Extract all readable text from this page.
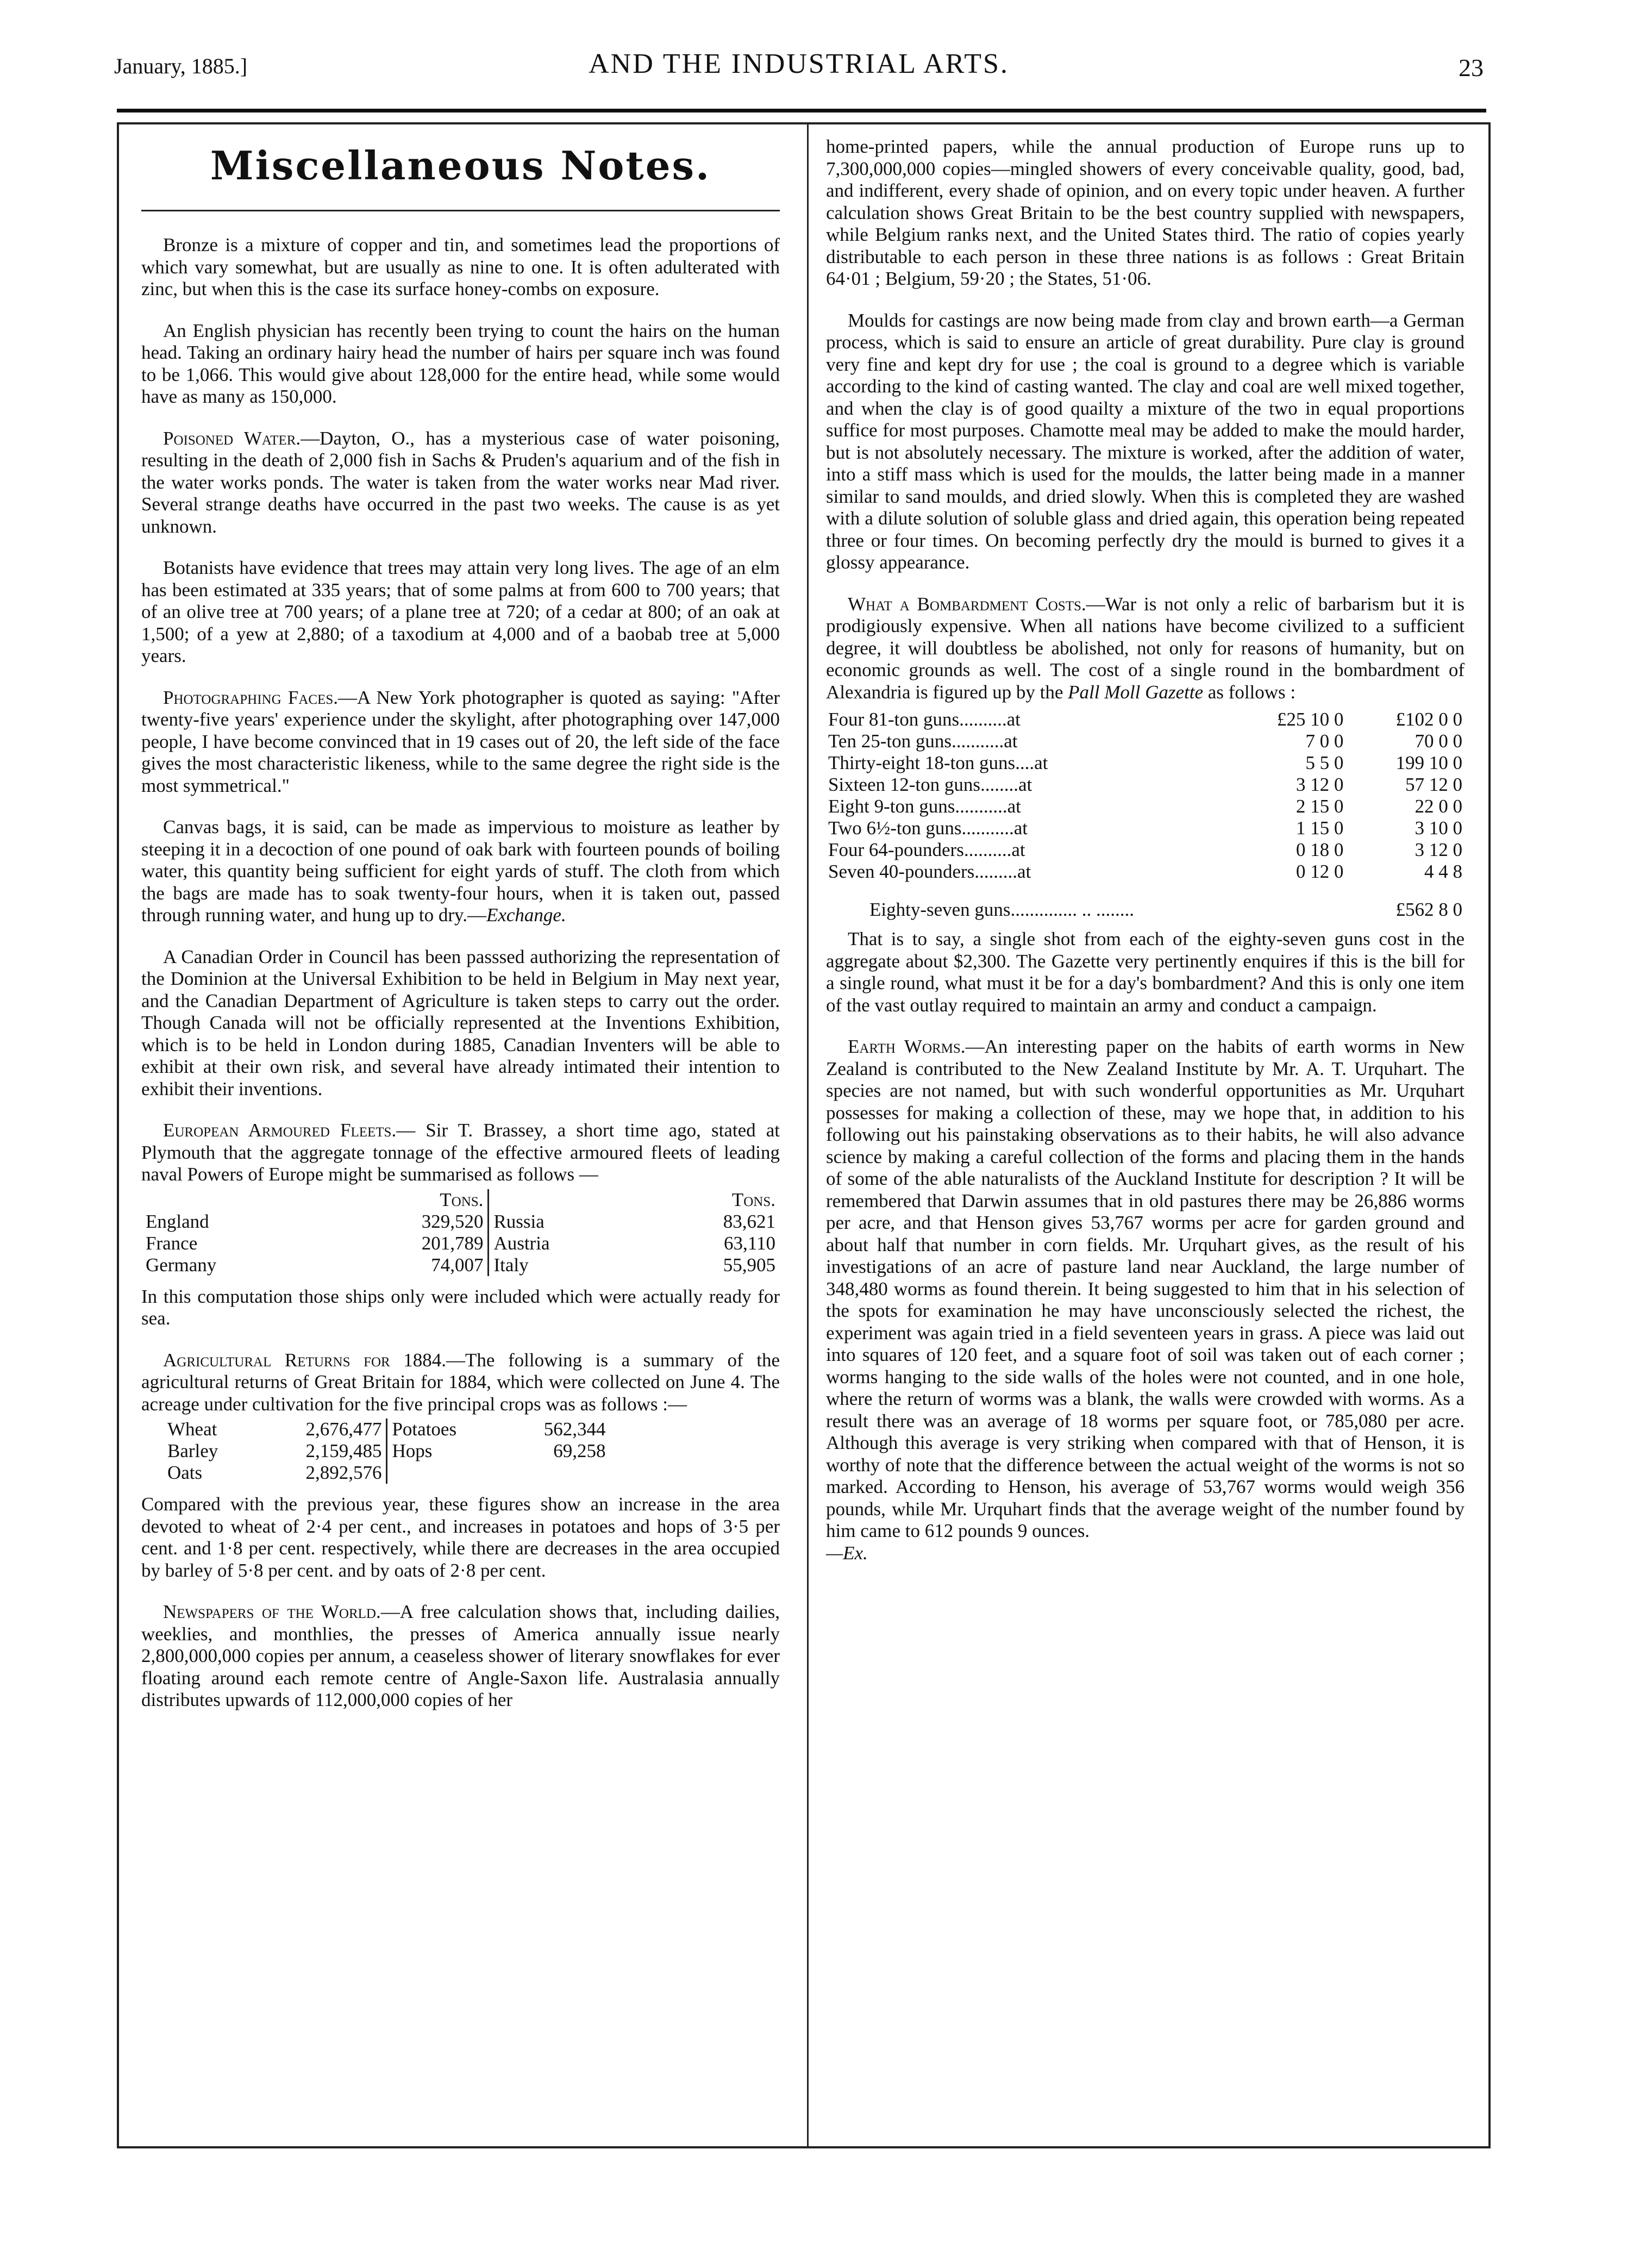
January, 1885.]	AND THE INDUSTRIAL ARTS.	23
Miscellaneous Notes.

Bronze is a mixture of copper and tin, and sometimes lead the proportions of which vary somewhat, but are usually as nine to one. It is often adulterated with zinc, but when this is the case its surface honey-combs on exposure.

An English physician has recently been trying to count the hairs on the human head. Taking an ordinary hairy head the number of hairs per square inch was found to be 1,066. This would give about 128,000 for the entire head, while some would have as many as 150,000.

Poisoned Water.—Dayton, O., has a mysterious case of water poisoning, resulting in the death of 2,000 fish in Sachs & Pruden's aquarium and of the fish in the water works ponds. The water is taken from the water works near Mad river. Several strange deaths have occurred in the past two weeks. The cause is as yet unknown.

Botanists have evidence that trees may attain very long lives. The age of an elm has been estimated at 335 years; that of some palms at from 600 to 700 years; that of an olive tree at 700 years; of a plane tree at 720; of a cedar at 800; of an oak at 1,500; of a yew at 2,880; of a taxodium at 4,000 and of a baobab tree at 5,000 years.

Photographing Faces.—A New York photographer is quoted as saying: "After twenty-five years' experience under the skylight, after photographing over 147,000 people, I have become convinced that in 19 cases out of 20, the left side of the face gives the most characteristic likeness, while to the same degree the right side is the most symmetrical."

Canvas bags, it is said, can be made as impervious to moisture as leather by steeping it in a decoction of one pound of oak bark with fourteen pounds of boiling water, this quantity being sufficient for eight yards of stuff. The cloth from which the bags are made has to soak twenty-four hours, when it is taken out, passed through running water, and hung up to dry.—Exchange.

A Canadian Order in Council has been passsed authorizing the representation of the Dominion at the Universal Exhibition to be held in Belgium in May next year, and the Canadian Department of Agriculture is taken steps to carry out the order. Though Canada will not be officially represented at the Inventions Exhibition, which is to be held in London during 1885, Canadian Inventers will be able to exhibit at their own risk, and several have already intimated their intention to exhibit their inventions.

European Armoured Fleets.— Sir T. Brassey, a short time ago, stated at Plymouth that the aggregate tonnage of the effective armoured fleets of leading naval Powers of Europe might be summarised as follows —

Tons.		Tons.	
England	329,520	Russia	83,621
France	201,789	Austria	63,110
Germany	74,007	Italy	55,905

In this computation those ships only were included which were actually ready for sea.

Agricultural Returns for 1884.—The following is a summary of the agricultural returns of Great Britain for 1884, which were collected on June 4. The acreage under cultivation for the five principal crops was as follows :—

Wheat	2,676,477	Potatoes	562,344
Barley	2,159,485	Hops	69,258
Oats	2,892,576		

Compared with the previous year, these figures show an increase in the area devoted to wheat of 2·4 per cent., and increases in potatoes and hops of 3·5 per cent. and 1·8 per cent. respectively, while there are decreases in the area occupied by barley of 5·8 per cent. and by oats of 2·8 per cent.

Newspapers of the World.—A free calculation shows that, including dailies, weeklies, and monthlies, the presses of America annually issue nearly 2,800,000,000 copies per annum, a ceaseless shower of literary snowflakes for ever floating around each remote centre of Angle-Saxon life. Australasia annually distributes upwards of 112,000,000 copies of her

home-printed papers, while the annual production of Europe runs up to 7,300,000,000 copies—mingled showers of every conceivable quality, good, bad, and indifferent, every shade of opinion, and on every topic under heaven. A further calculation shows Great Britain to be the best country supplied with newspapers, while Belgium ranks next, and the United States third. The ratio of copies yearly distributable to each person in these three nations is as follows : Great Britain 64·01 ; Belgium, 59·20 ; the States, 51·06.

Moulds for castings are now being made from clay and brown earth—a German process, which is said to ensure an article of great durability. Pure clay is ground very fine and kept dry for use ; the coal is ground to a degree which is variable according to the kind of casting wanted. The clay and coal are well mixed together, and when the clay is of good quailty a mixture of the two in equal proportions suffice for most purposes. Chamotte meal may be added to make the mould harder, but is not absolutely necessary. The mixture is worked, after the addition of water, into a stiff mass which is used for the moulds, the latter being made in a manner similar to sand moulds, and dried slowly. When this is completed they are washed with a dilute solution of soluble glass and dried again, this operation being repeated three or four times. On becoming perfectly dry the mould is burned to gives it a glossy appearance.

What a Bombardment Costs.—War is not only a relic of barbarism but it is prodigiously expensive. When all nations have become civilized to a sufficient degree, it will doubtless be abolished, not only for reasons of humanity, but on economic grounds as well. The cost of a single round in the bombardment of Alexandria is figured up by the Pall Moll Gazette as follows :

Four 81-ton guns..........at	£25 10 0	£102 0 0
Ten 25-ton guns...........at	7 0 0	70 0 0
Thirty-eight 18-ton guns....at	5 5 0	199 10 0
Sixteen 12-ton guns........at	3 12 0	57 12 0
Eight 9-ton guns...........at	2 15 0	22 0 0
Two 6½-ton guns...........at	1 15 0	3 10 0
Four 64-pounders..........at	0 18 0	3 12 0
Seven 40-pounders.........at	0 12 0	4 4 8
Eighty-seven guns.............. .. ........		£562 8 0

That is to say, a single shot from each of the eighty-seven guns cost in the aggregate about $2,300. The Gazette very pertinently enquires if this is the bill for a single round, what must it be for a day's bombardment? And this is only one item of the vast outlay required to maintain an army and conduct a campaign.

Earth Worms.—An interesting paper on the habits of earth worms in New Zealand is contributed to the New Zealand Institute by Mr. A. T. Urquhart. The species are not named, but with such wonderful opportunities as Mr. Urquhart possesses for making a collection of these, may we hope that, in addition to his following out his painstaking observations as to their habits, he will also advance science by making a careful collection of the forms and placing them in the hands of some of the able naturalists of the Auckland Institute for description ? It will be remembered that Darwin assumes that in old pastures there may be 26,886 worms per acre, and that Henson gives 53,767 worms per acre for garden ground and about half that number in corn fields. Mr. Urquhart gives, as the result of his investigations of an acre of pasture land near Auckland, the large number of 348,480 worms as found therein. It being suggested to him that in his selection of the spots for examination he may have unconsciously selected the richest, the experiment was again tried in a field seventeen years in grass. A piece was laid out into squares of 120 feet, and a square foot of soil was taken out of each corner ; worms hanging to the side walls of the holes were not counted, and in one hole, where the return of worms was a blank, the walls were crowded with worms. As a result there was an average of 18 worms per square foot, or 785,080 per acre. Although this average is very striking when compared with that of Henson, it is worthy of note that the difference between the actual weight of the worms is not so marked. According to Henson, his average of 53,767 worms would weigh 356 pounds, while Mr. Urquhart finds that the average weight of the number found by him came to 612 pounds 9 ounces.
—Ex.
